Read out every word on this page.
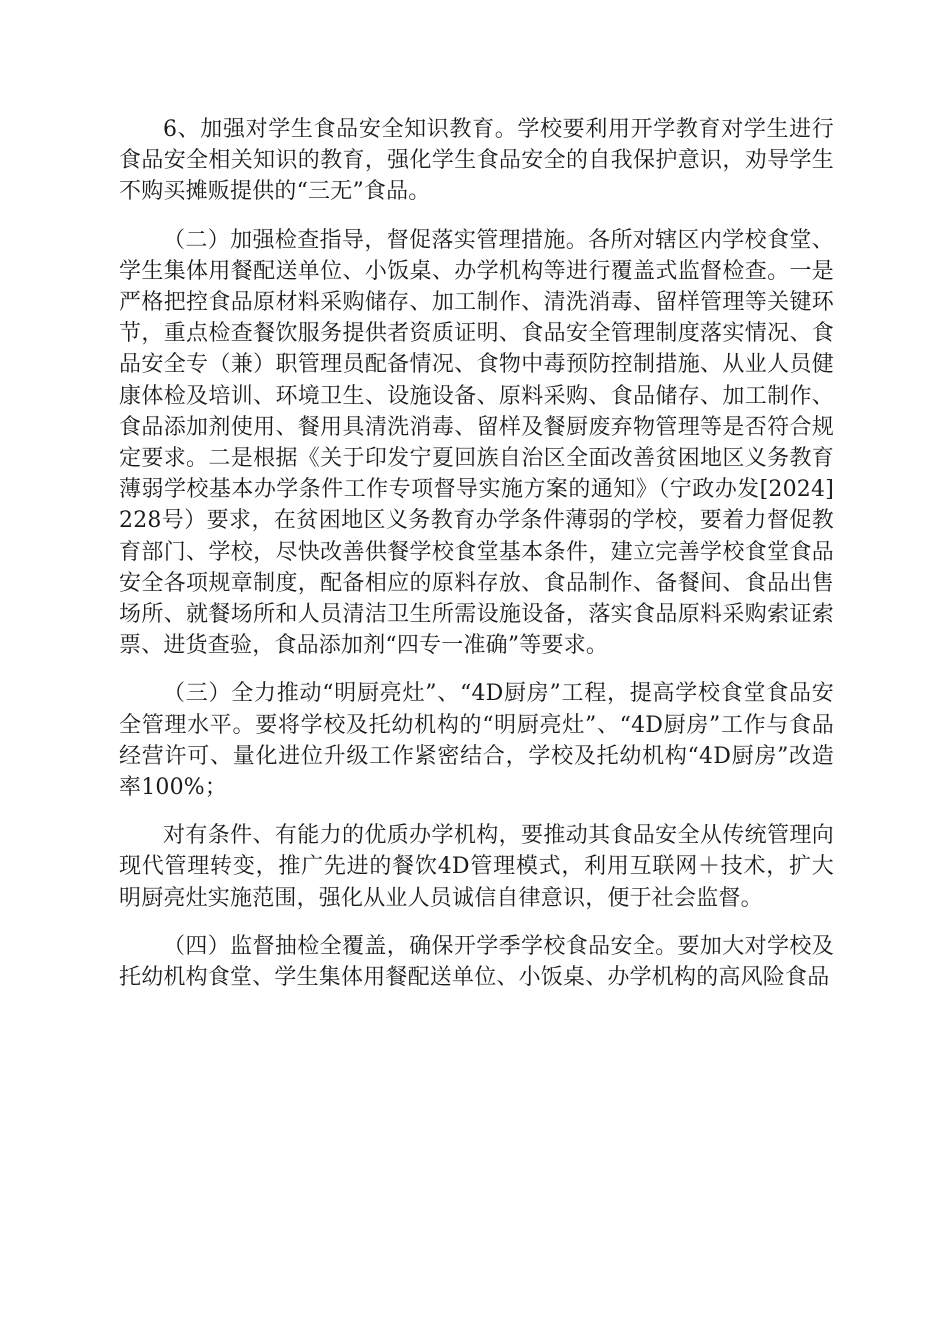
6、加强对学生食品安全知识教育。学校要利用开学教育对学生进行食品安全相关知识的教育，强化学生食品安全的自我保护意识，劝导学生不购买摊贩提供的“三无”食品。

（二）加强检查指导，督促落实管理措施。各所对辖区内学校食堂、学生集体用餐配送单位、小饭桌、办学机构等进行覆盖式监督检查。一是严格把控食品原材料采购储存、加工制作、清洗消毒、留样管理等关键环节，重点检查餐饮服务提供者资质证明、食品安全管理制度落实情况、食品安全专（兼）职管理员配备情况、食物中毒预防控制措施、从业人员健康体检及培训、环境卫生、设施设备、原料采购、食品储存、加工制作、食品添加剂使用、餐用具清洗消毒、留样及餐厨废弃物管理等是否符合规定要求。二是根据《关于印发宁夏回族自治区全面改善贫困地区义务教育薄弱学校基本办学条件工作专项督导实施方案的通知》（宁政办发[2024]228号）要求，在贫困地区义务教育办学条件薄弱的学校，要着力督促教育部门、学校，尽快改善供餐学校食堂基本条件，建立完善学校食堂食品安全各项规章制度，配备相应的原料存放、食品制作、备餐间、食品出售场所、就餐场所和人员清洁卫生所需设施设备，落实食品原料采购索证索票、进货查验，食品添加剂“四专一准确”等要求。

（三）全力推动“明厨亮灶”、“4D厨房”工程，提高学校食堂食品安全管理水平。要将学校及托幼机构的“明厨亮灶”、“4D厨房”工作与食品经营许可、量化进位升级工作紧密结合，学校及托幼机构“4D厨房”改造率100%；

对有条件、有能力的优质办学机构，要推动其食品安全从传统管理向现代管理转变，推广先进的餐饮4D管理模式，利用互联网＋技术，扩大明厨亮灶实施范围，强化从业人员诚信自律意识，便于社会监督。

（四）监督抽检全覆盖，确保开学季学校食品安全。要加大对学校及托幼机构食堂、学生集体用餐配送单位、小饭桌、办学机构的高风险食品
